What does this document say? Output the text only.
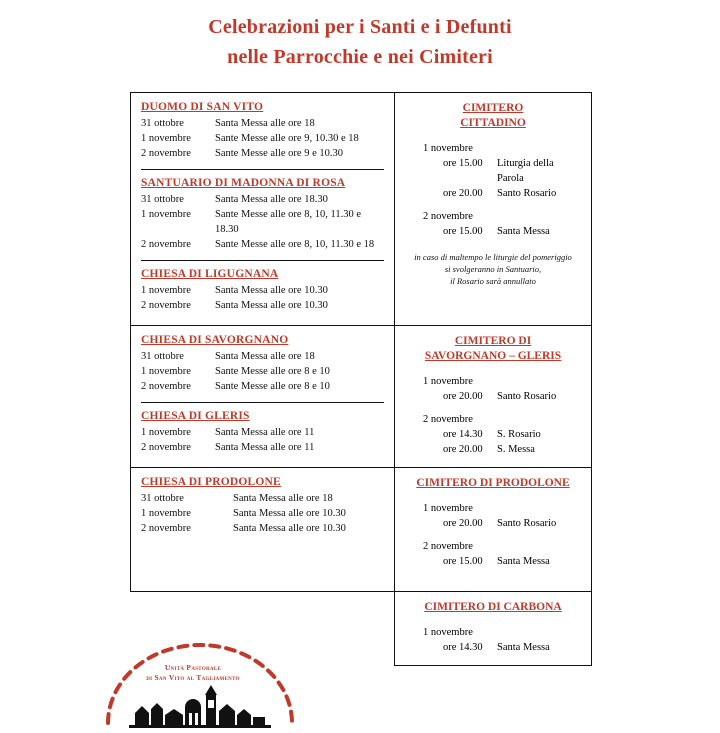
Celebrazioni per i Santi e i Defunti
nelle Parrocchie e nei Cimiteri
DUOMO DI SAN VITO
31 ottobre	Santa Messa alle ore 18
1 novembre	Sante Messe alle ore 9, 10.30 e 18
2 novembre	Sante Messe alle ore 9 e 10.30
SANTUARIO DI MADONNA DI ROSA
31 ottobre	Santa Messa alle ore 18.30
1 novembre	Sante Messe alle ore 8, 10, 11.30 e 18.30
2 novembre	Sante Messe alle ore 8, 10, 11.30 e 18
CHIESA DI LIGUGNANA
1 novembre	Santa Messa alle ore 10.30
2 novembre	Santa Messa alle ore 10.30

CIMITERO
CITTADINO
1 novembre
ore 15.00	Liturgia della Parola
ore 20.00	Santo Rosario
2 novembre
ore 15.00	Santa Messa
in caso di maltempo le liturgie del pomeriggio
si svolgeranno in Santuario,
il Rosario sarà annullato

CHIESA DI SAVORGNANO
31 ottobre	Santa Messa alle ore 18
1 novembre	Sante Messe alle ore 8 e 10
2 novembre	Sante Messe alle ore 8 e 10
CHIESA DI GLERIS
1 novembre	Santa Messa alle ore 11
2 novembre	Santa Messa alle ore 11

CIMITERO DI
SAVORGNANO – GLERIS
1 novembre
ore 20.00	Santo Rosario
2 novembre
ore 14.30	S. Rosario
ore 20.00	S. Messa

CHIESA DI PRODOLONE
31 ottobre	Santa Messa alle ore 18
1 novembre	Santa Messa alle ore 10.30
2 novembre	Santa Messa alle ore 10.30

CIMITERO DI PRODOLONE
1 novembre
ore 20.00	Santo Rosario
2 novembre
ore 15.00	Santa Messa

	CIMITERO DI CARBONA
1 novembre
ore 14.30 Santa Messa
Unità Pastorale
di San Vito al Tagliamento
